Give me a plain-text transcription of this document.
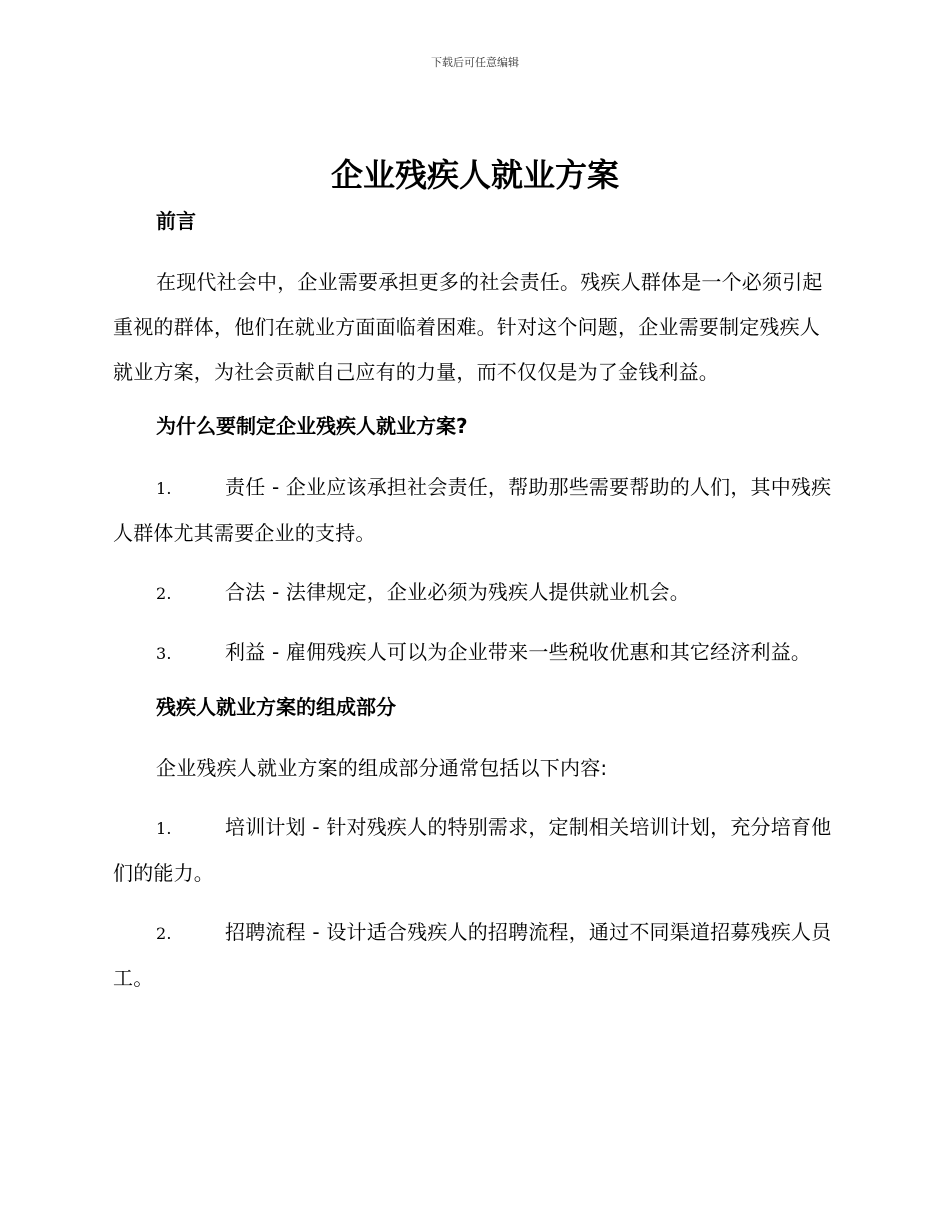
下载后可任意编辑
企业残疾人就业方案
前言

在现代社会中，企业需要承担更多的社会责任。残疾人群体是一个必须引起重视的群体，他们在就业方面面临着困难。针对这个问题，企业需要制定残疾人就业方案，为社会贡献自己应有的力量，而不仅仅是为了金钱利益。

为什么要制定企业残疾人就业方案?

1.	责任 - 企业应该承担社会责任，帮助那些需要帮助的人们，其中残疾人群体尤其需要企业的支持。

2.	合法 - 法律规定，企业必须为残疾人提供就业机会。

3.	利益 - 雇佣残疾人可以为企业带来一些税收优惠和其它经济利益。

残疾人就业方案的组成部分

企业残疾人就业方案的组成部分通常包括以下内容:

1.	培训计划 - 针对残疾人的特别需求，定制相关培训计划，充分培育他们的能力。

2.	招聘流程 - 设计适合残疾人的招聘流程，通过不同渠道招募残疾人员工。
